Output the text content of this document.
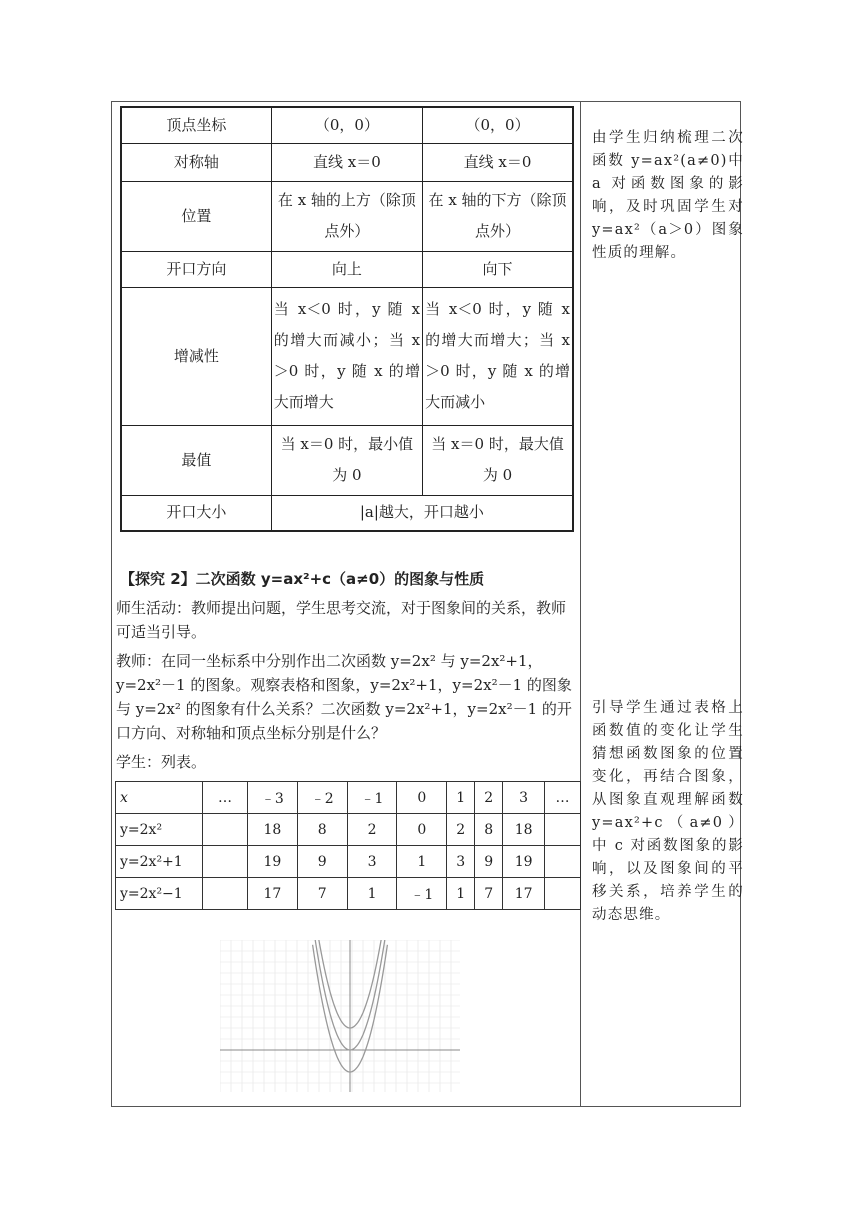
顶点坐标	（0，0）	（0，0）
对称轴	直线 x＝0	直线 x＝0
位置	在 x 轴的上方（除顶点外）	在 x 轴的下方（除顶点外）
开口方向	向上	向下
增减性	当 x＜0 时，y 随 x 的增大而减小；当 x＞0 时，y 随 x 的增大而增大	当 x＜0 时，y 随 x 的增大而增大；当 x＞0 时，y 随 x 的增大而减小
最值	当 x＝0 时，最小值为 0	当 x＝0 时，最大值为 0
开口大小	|a|越大，开口越小	
由学生归纳梳理二次函数 y=ax²(a≠0)中 a 对函数图象的影响，及时巩固学生对 y=ax²（a＞0）图象性质的理解。
引导学生通过表格上函数值的变化让学生猜想函数图象的位置变化，再结合图象，从图象直观理解函数 y=ax²+c（a≠0）中 c 对函数图象的影响，以及图象间的平移关系，培养学生的动态思维。
【探究 2】二次函数 y=ax²+c（a≠0）的图象与性质
师生活动：教师提出问题，学生思考交流，对于图象间的关系，教师可适当引导。
教师：在同一坐标系中分别作出二次函数 y=2x² 与 y=2x²+1，y=2x²－1 的图象。观察表格和图象，y=2x²+1，y=2x²－1 的图象与 y=2x² 的图象有什么关系？二次函数 y=2x²+1，y=2x²－1 的开口方向、对称轴和顶点坐标分别是什么？
学生：列表。
x	…	﹣3	﹣2	﹣1	0	1	2	3	…
y=2x²		18	8	2	0	2	8	18	
y=2x²+1		19	9	3	1	3	9	19	
y=2x²−1		17	7	1	﹣1	1	7	17	
